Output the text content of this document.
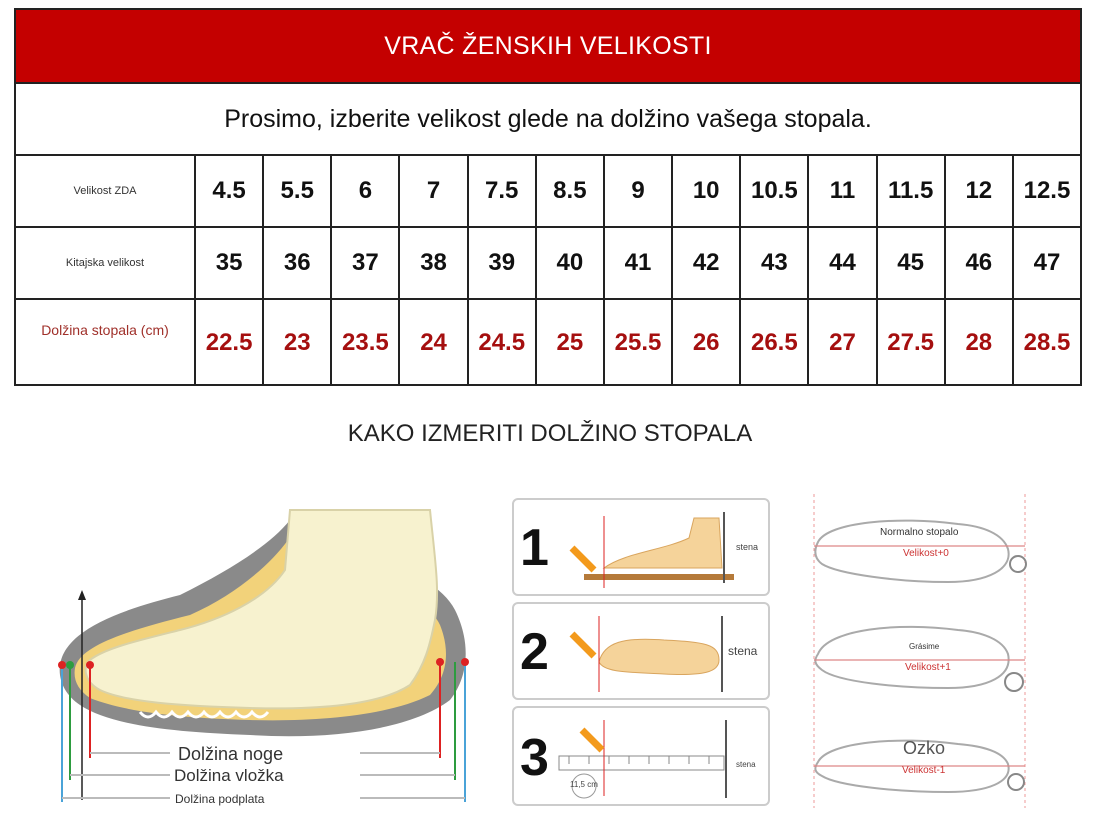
VRAČ ŽENSKIH VELIKOSTI
Prosimo, izberite velikost glede na dolžino vašega stopala.
Velikost ZDA	4.5	5.5	6	7	7.5	8.5	9	10	10.5	11	11.5	12	12.5
Kitajska velikost	35	36	37	38	39	40	41	42	43	44	45	46	47
Dolžina stopala (cm)	22.5	23	23.5	24	24.5	25	25.5	26	26.5	27	27.5	28	28.5
KAKO IZMERITI DOLŽINO STOPALA
Dolžina noge
Dolžina vložka
Dolžina podplata
1	stena
2	stena
3	11,5 cm
stena
Normalno stopalo
Velikost+0
Grásime
Velikost+1
Ozko
Velikost-1
